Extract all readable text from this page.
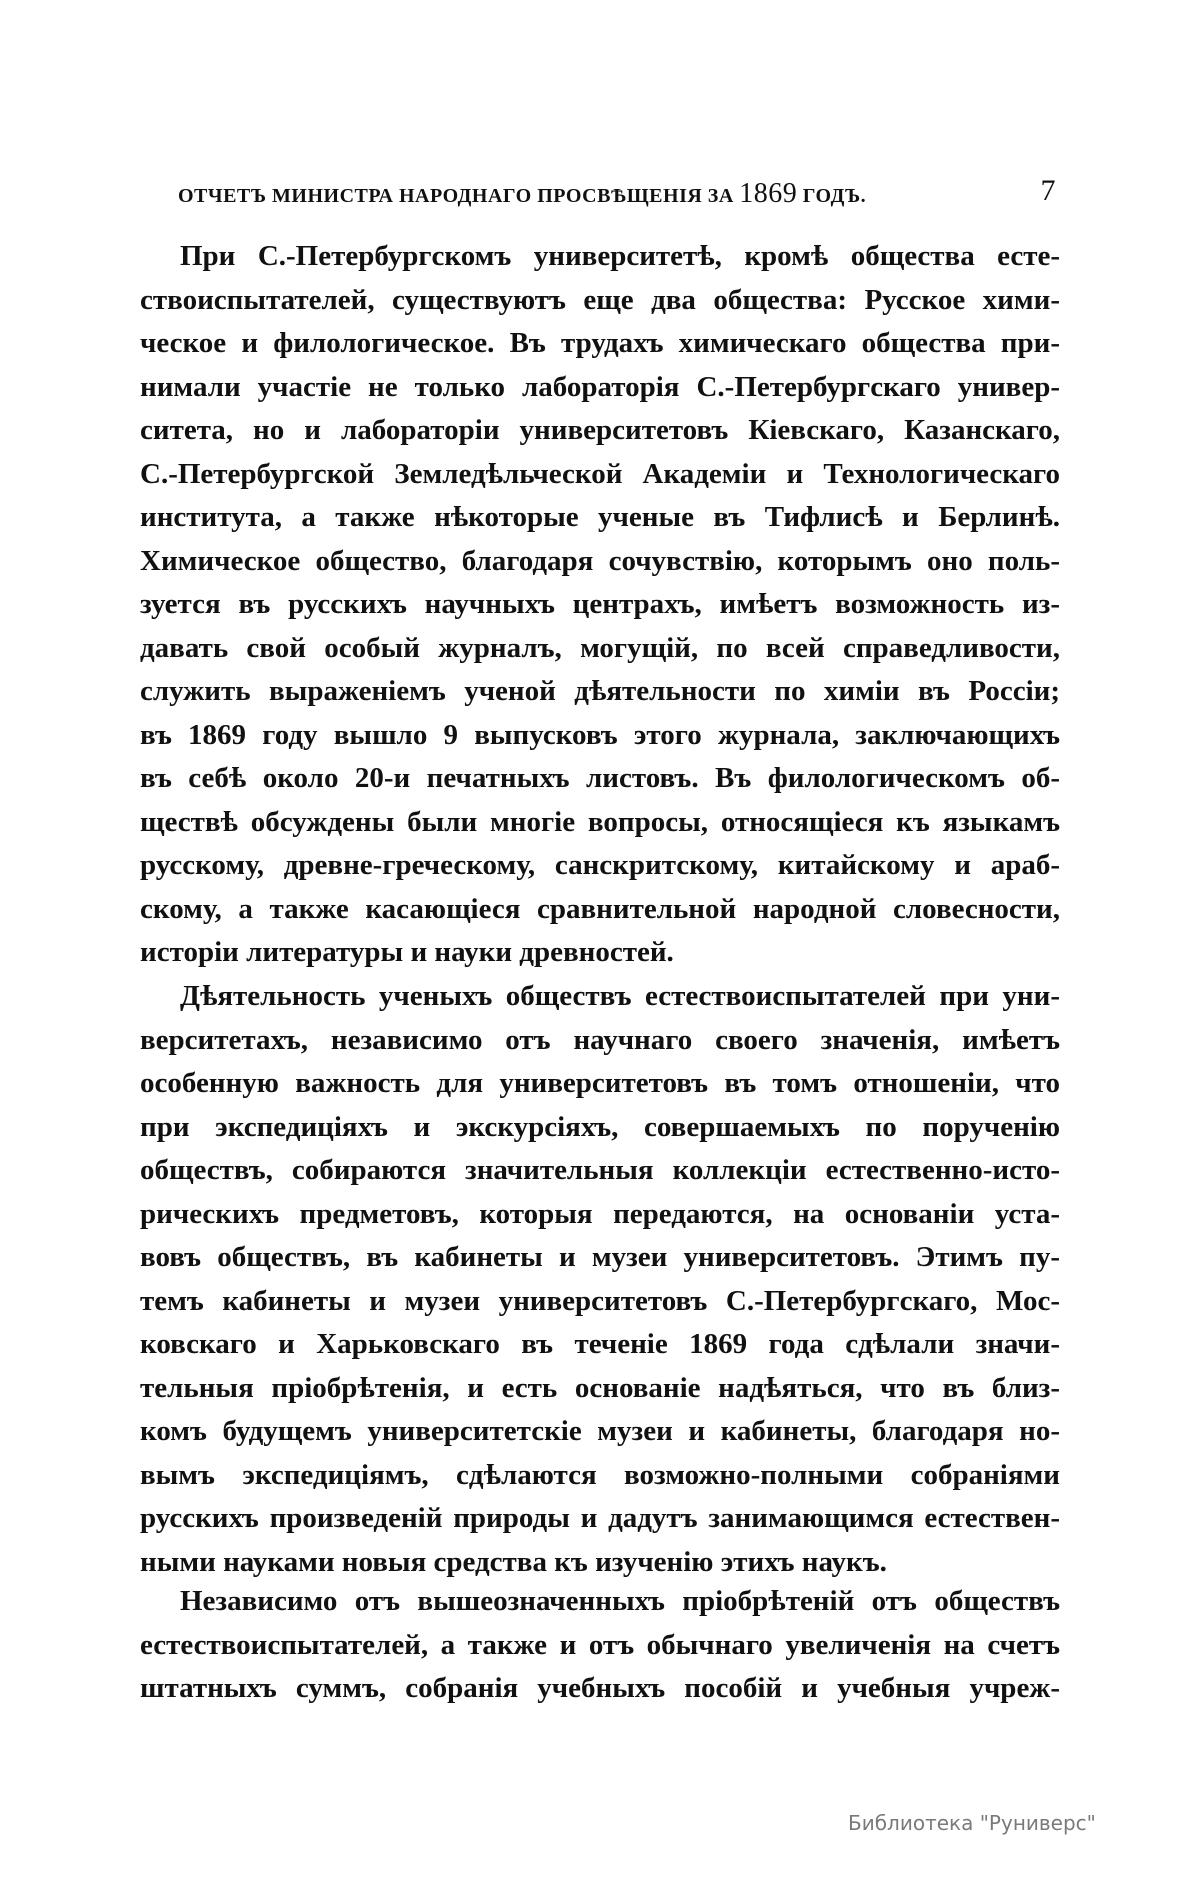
ОТЧЕТЪ МИНИСТРА НАРОДНАГО ПРОСВѢЩЕНІЯ ЗА 1869 ГОДЪ.	7
При С.-Петербургскомъ университетѣ, кромѣ общества есте-
ствоиспытателей, существуютъ еще два общества: Русское хими-
ческое и филологическое. Въ трудахъ химическаго общества при-
нимали участіе не только лабораторія С.-Петербургскаго универ-
ситета, но и лабораторіи университетовъ Кіевскаго, Казанскаго,
С.-Петербургской Земледѣльческой Академіи и Технологическаго
института, а также нѣкоторые ученые въ Тифлисѣ и Берлинѣ.
Химическое общество, благодаря сочувствію, которымъ оно поль-
зуется въ русскихъ научныхъ центрахъ, имѣетъ возможность из-
давать свой особый журналъ, могущій, по всей справедливости,
служить выраженіемъ ученой дѣятельности по химіи въ Россіи;
въ 1869 году вышло 9 выпусковъ этого журнала, заключающихъ
въ себѣ около 20-и печатныхъ листовъ. Въ филологическомъ об-
ществѣ обсуждены были многіе вопросы, относящіеся къ языкамъ
русскому, древне-греческому, санскритскому, китайскому и араб-
скому, а также касающіеся сравнительной народной словесности,
исторіи литературы и науки древностей.
Дѣятельность ученыхъ обществъ естествоиспытателей при уни-
верситетахъ, независимо отъ научнаго своего значенія, имѣетъ
особенную важность для университетовъ въ томъ отношеніи, что
при экспедиціяхъ и экскурсіяхъ, совершаемыхъ по порученію
обществъ, собираются значительныя коллекціи естественно-исто-
рическихъ предметовъ, которыя передаются, на основаніи уста-
вовъ обществъ, въ кабинеты и музеи университетовъ. Этимъ пу-
темъ кабинеты и музеи университетовъ С.-Петербургскаго, Мос-
ковскаго и Харьковскаго въ теченіе 1869 года сдѣлали значи-
тельныя пріобрѣтенія, и есть основаніе надѣяться, что въ близ-
комъ будущемъ университетскіе музеи и кабинеты, благодаря но-
вымъ экспедиціямъ, сдѣлаются возможно-полными собраніями
русскихъ произведеній природы и дадутъ занимающимся естествен-
ными науками новыя средства къ изученію этихъ наукъ.
Независимо отъ вышеозначенныхъ пріобрѣтеній отъ обществъ
естествоиспытателей, а также и отъ обычнаго увеличенія на счетъ
штатныхъ суммъ, собранія учебныхъ пособій и учебныя учреж-
Библиотека "Руниверс"
